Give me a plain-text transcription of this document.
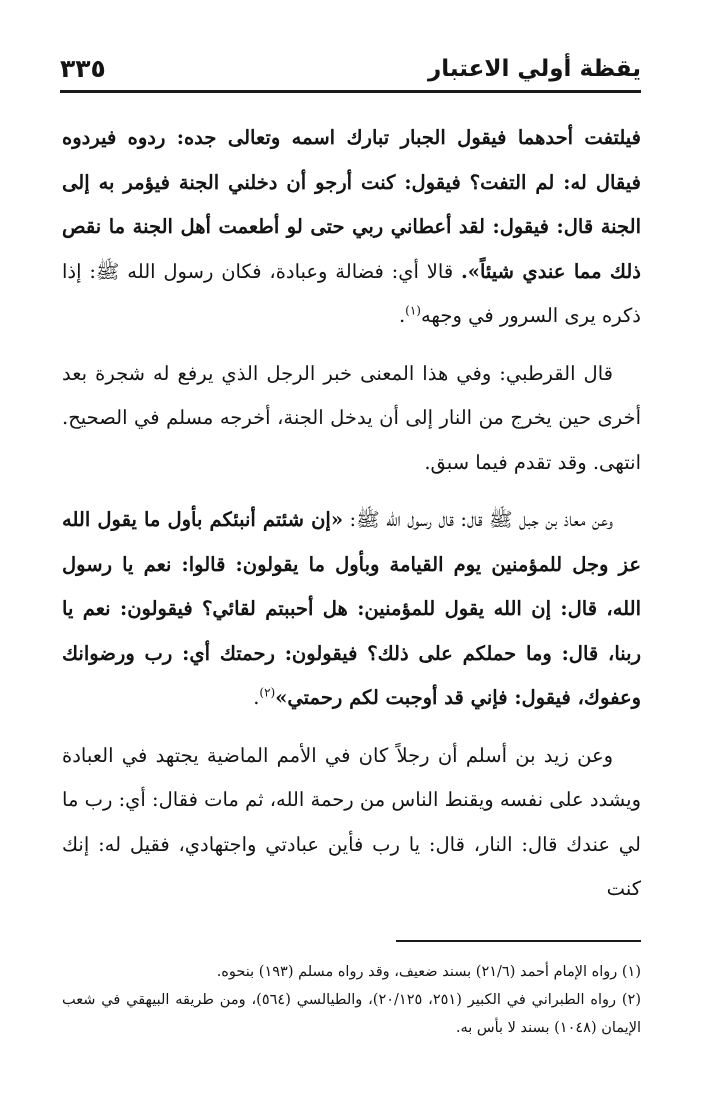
يقظة أولي الاعتبار
٣٣٥

فيلتفت أحدهما فيقول الجبار تبارك اسمه وتعالى جده: ردوه فيردوه فيقال له: لم التفت؟ فيقول: كنت أرجو أن دخلني الجنة فيؤمر به إلى الجنة قال: فيقول: لقد أعطاني ربي حتى لو أطعمت أهل الجنة ما نقص ذلك مما عندي شيئاً». قالا أي: فضالة وعبادة، فكان رسول الله ﷺ: إذا ذكره يرى السرور في وجهه$^{(١)}$.

قال القرطبي: وفي هذا المعنى خبر الرجل الذي يرفع له شجرة بعد أخرى حين يخرج من النار إلى أن يدخل الجنة، أخرجه مسلم في الصحيح. انتهى. وقد تقدم فيما سبق.

وعن معاذ بن جبل ﷺ قال: قال رسول الله ﷺ: «إن شئتم أنبئكم بأول ما يقول الله عز وجل للمؤمنين يوم القيامة وبأول ما يقولون: قالوا: نعم يا رسول الله، قال: إن الله يقول للمؤمنين: هل أحببتم لقائي؟ فيقولون: نعم يا ربنا، قال: وما حملكم على ذلك؟ فيقولون: رحمتك أي: رب ورضوانك وعفوك، فيقول: فإني قد أوجبت لكم رحمتي»$^{(٢)}$.

وعن زيد بن أسلم أن رجلاً كان في الأمم الماضية يجتهد في العبادة ويشدد على نفسه ويقنط الناس من رحمة الله، ثم مات فقال: أي: رب ما لي عندك قال: النار، قال: يا رب فأين عبادتي واجتهادي، فقيل له: إنك كنت

(١) رواه الإمام أحمد (٢١/٦) بسند ضعيف، وقد رواه مسلم (١٩٣) بنحوه.

(٢) رواه الطبراني في الكبير (٢٥١، ٢٠/١٢٥)، والطيالسي (٥٦٤)، ومن طريقه البيهقي في شعب الإيمان (١٠٤٨) بسند لا بأس به.
